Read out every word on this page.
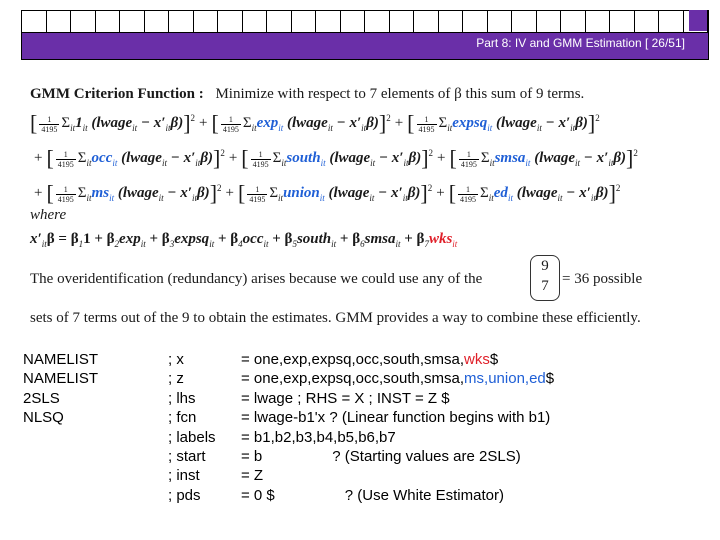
Part 8: IV and GMM Estimation [ 26/51]
GMM Criterion Function : Minimize with respect to 7 elements of β this sum of 9 terms.
[ $\frac{1}{4195} \Sigma_{it}1_{it}$ (lwage$_{it}$ − $x'_{it}\beta)]^2$ + [ $\frac{1}{4195} \Sigma_{it}\exp_{it}$ (lwage$_{it}$ − $x'_{it}\beta)]^2$ + [ $\frac{1}{4195}$ $\Sigma_{it}expsq_{it}$ (lwage$_{it}$ − $x'_{it}\beta)]^2$
+ [ $\frac{1}{4195} \Sigma_{it}occ_{it}$ (lwage$_{it}$ − $x'_{it}\beta)]^2$ + [ $\frac{1}{4195}$ $\Sigma_{it}south_{it}$ (lwage$_{it}$ − $x'_{it}\beta)]^2$ + [ $\frac{1}{4195}$ $\Sigma_{it}smsa_{it}$ (lwage$_{it}$ − $x'_{it}\beta)]^2$
+ [ $\frac{1}{4195} \Sigma_{it}ms_{it}$ (lwage$_{it}$ − $x'_{it}\beta)]^2$ + [ $\frac{1}{4195}$ $\Sigma_{it}union_{it}$ (lwage$_{it}$ − $x'_{it}\beta)]^2$ + [ $\frac{1}{4195} \Sigma_{it}ed_{it}$ (lwage$_{it}$ − $x'_{it}\beta)]^2$
where
$x'_{it}\beta = \beta_11 + \beta_2\exp_{it}$ + $\beta_3expsq_{it} + \beta_4occ_{it}$ + $\beta_5south_{it}$ + $\beta_6smsa_{it} + \beta_7wks_{it}$
The overidentification (redundancy) arises because we could use any of the
9
7 = 36 possible
sets of 7 terms out of the 9 to obtain the estimates. GMM provides a way to combine these efficiently.
NAMELIST
NAMELIST
2SLS
NLSQ
; x
; z
; lhs
; fcn
; labels
; start
; inst
; pds
= one,exp,expsq,occ,south,smsa,wks$
= one,exp,expsq,occ,south,smsa,ms,union,ed$
= lwage ; RHS = X ; INST = Z $
= lwage-b1'x ? (Linear function begins with b1)
= b1,b2,b3,b4,b5,b6,b7
= b	? (Starting values are 2SLS)
= Z
= 0 $	? (Use White Estimator)
